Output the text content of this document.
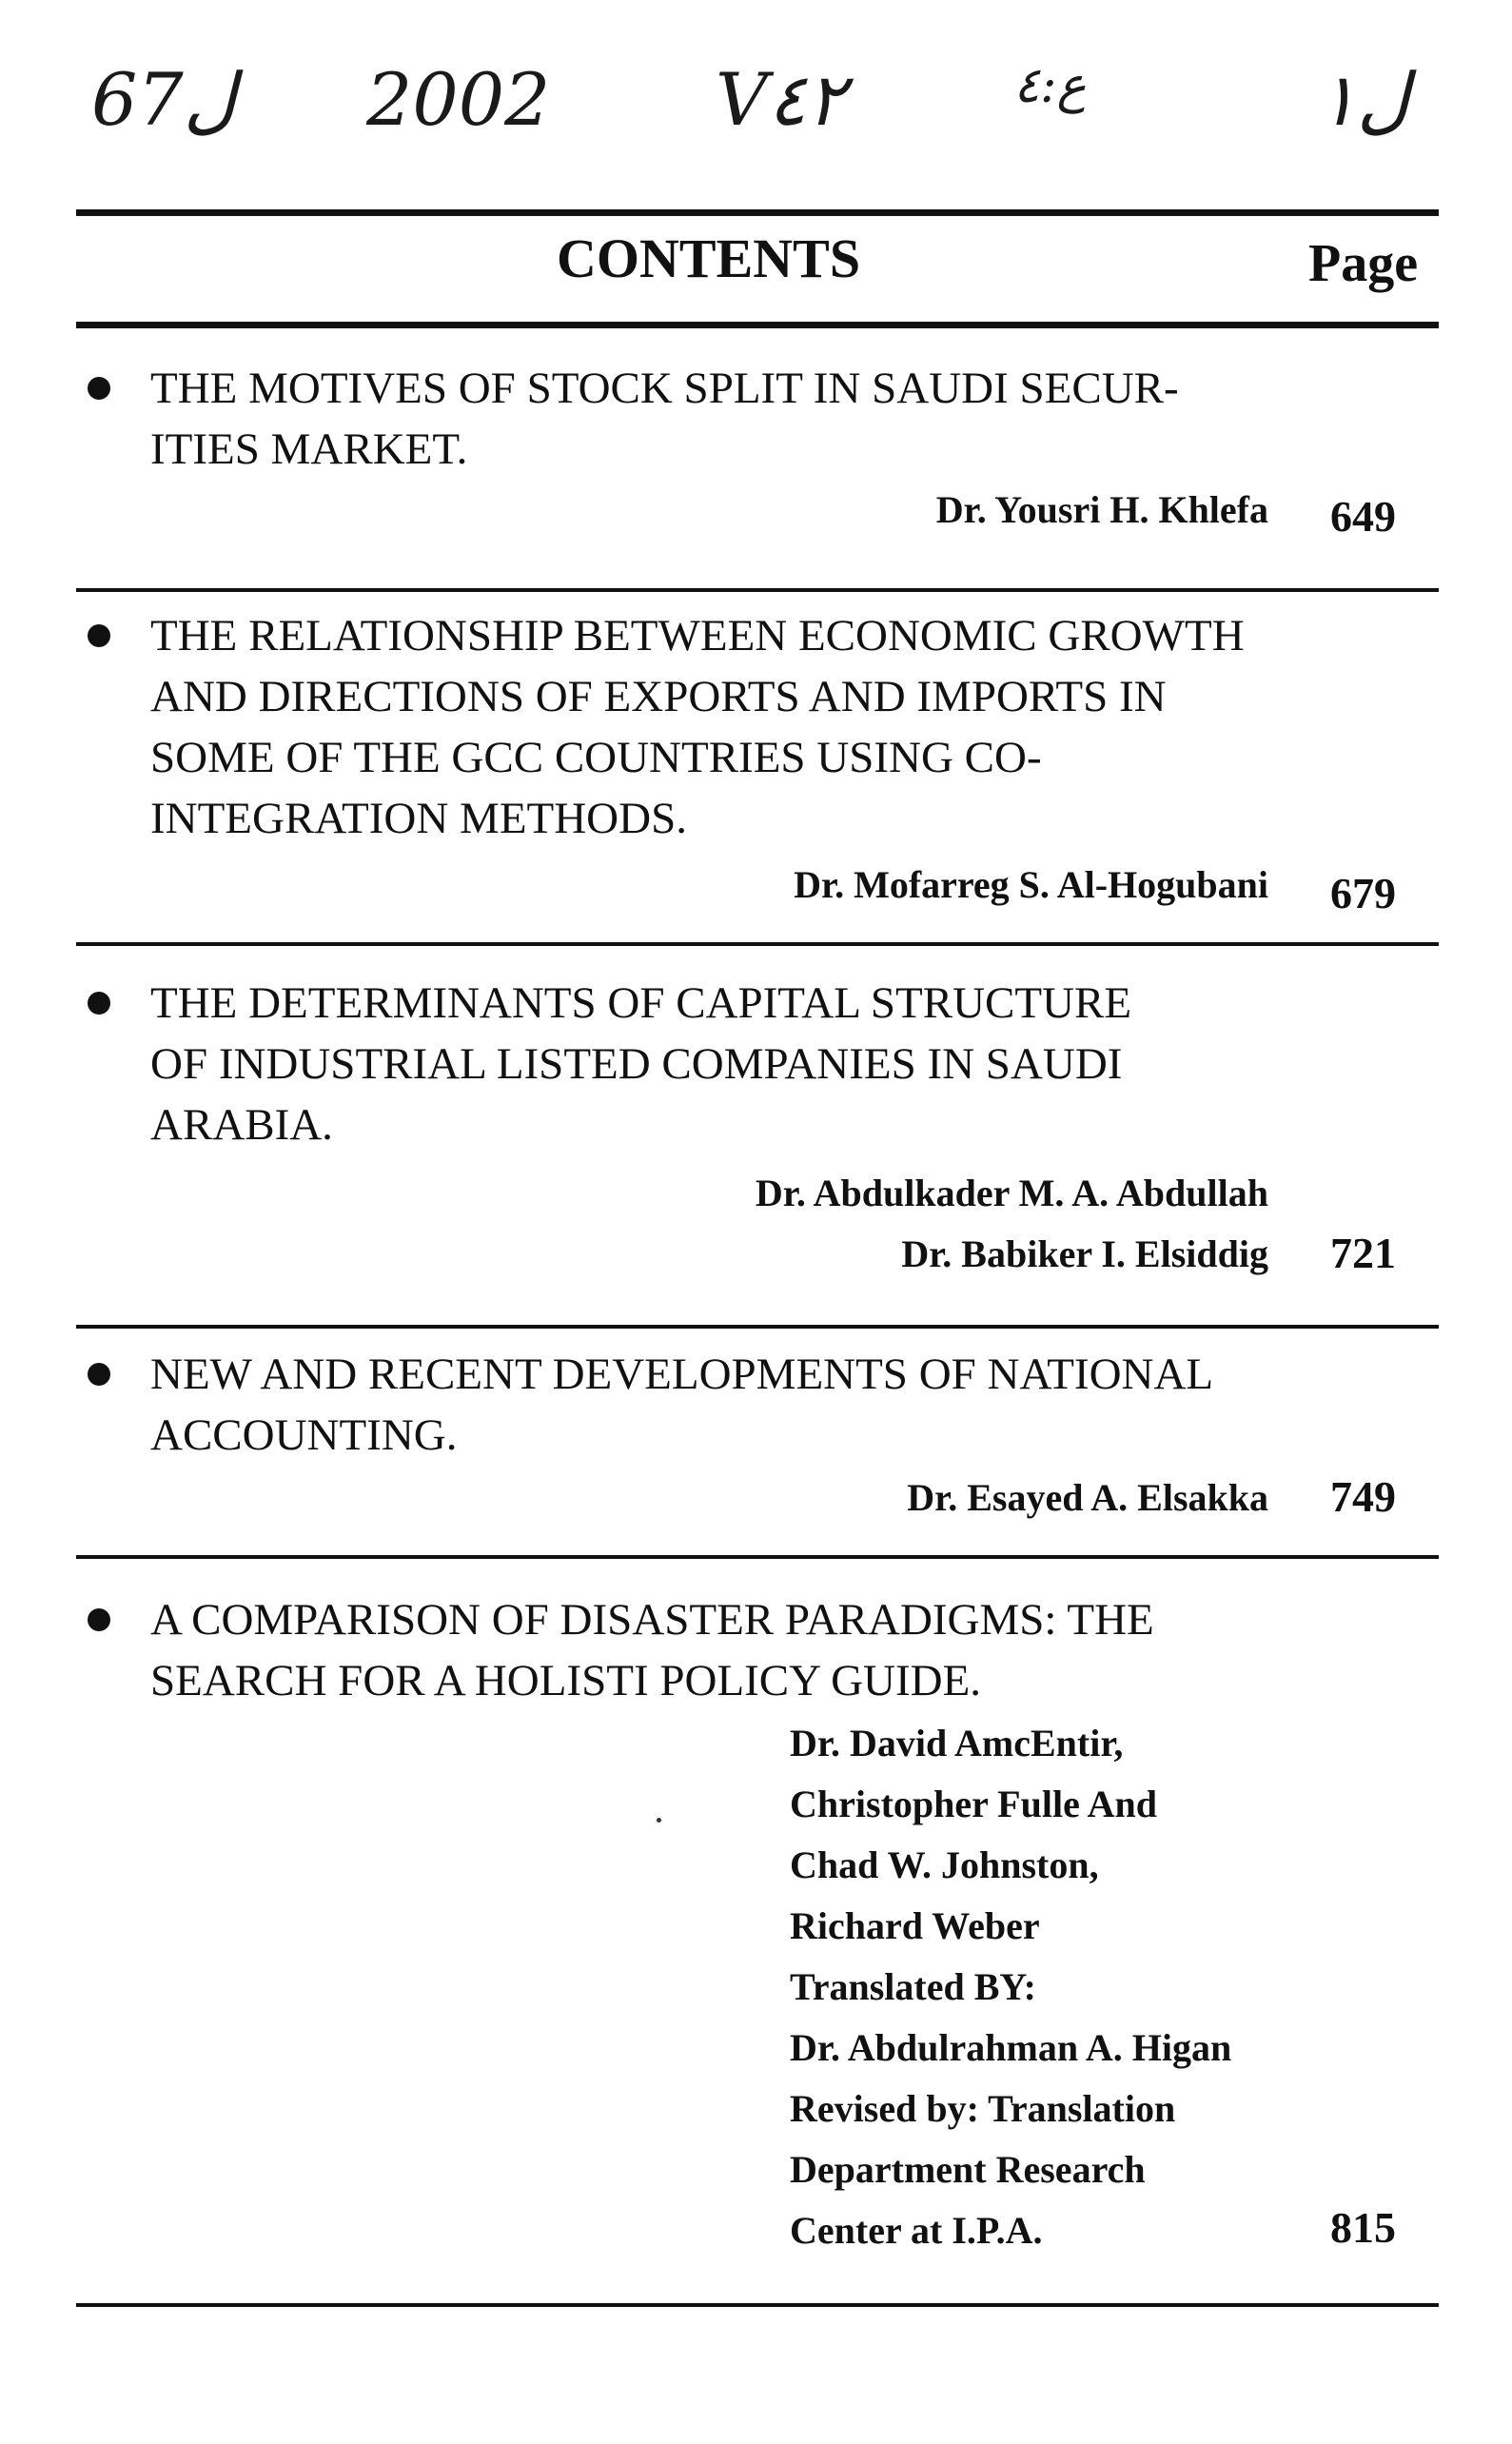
67ل 2002 V٤٢	ع:٤	ل١
CONTENTS	Page
THE MOTIVES OF STOCK SPLIT IN SAUDI SECUR-
ITIES MARKET.
Dr. Yousri H. Khlefa 649
THE RELATIONSHIP BETWEEN ECONOMIC GROWTH
AND DIRECTIONS OF EXPORTS AND IMPORTS IN
SOME OF THE GCC COUNTRIES USING CO-
INTEGRATION METHODS.
Dr. Mofarreg S. Al-Hogubani 679
THE DETERMINANTS OF CAPITAL STRUCTURE
OF INDUSTRIAL LISTED COMPANIES IN SAUDI
ARABIA.
Dr. Abdulkader M. A. Abdullah
Dr. Babiker I. Elsiddig 721
NEW AND RECENT DEVELOPMENTS OF NATIONAL
ACCOUNTING.
Dr. Esayed A. Elsakka 749
A COMPARISON OF DISASTER PARADIGMS: THE
SEARCH FOR A HOLISTI POLICY GUIDE.
Dr. David AmcEntir,
Christopher Fulle And
Chad W. Johnston,
Richard Weber
Translated BY:
Dr. Abdulrahman A. Higan
Revised by: Translation
Department Research
Center at I.P.A.	815
